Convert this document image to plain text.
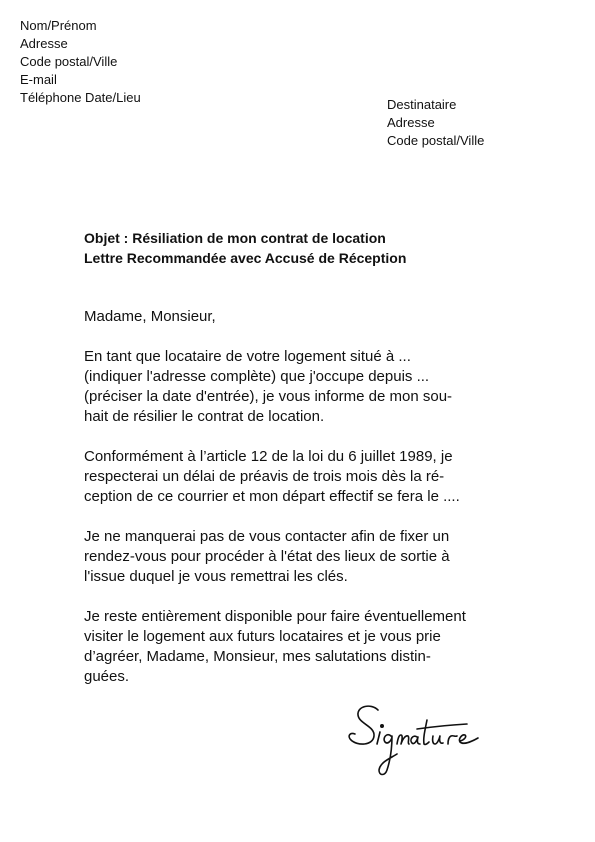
Nom/Prénom
Adresse
Code postal/Ville
E-mail
Téléphone Date/Lieu	Destinataire
Adresse
Code postal/Ville
Objet : Résiliation de mon contrat de location
Lettre Recommandée avec Accusé de Réception
Madame, Monsieur,

En tant que locataire de votre logement situé à ...
(indiquer l'adresse complète) que j'occupe depuis ...
(préciser la date d'entrée), je vous informe de mon sou-
hait de résilier le contrat de location.

Conformément à l’article 12 de la loi du 6 juillet 1989, je
respecterai un délai de préavis de trois mois dès la ré-
ception de ce courrier et mon départ effectif se fera le ....

Je ne manquerai pas de vous contacter afin de fixer un
rendez-vous pour procéder à l'état des lieux de sortie à
l'issue duquel je vous remettrai les clés.

Je reste entièrement disponible pour faire éventuellement
visiter le logement aux futurs locataires et je vous prie
d’agréer, Madame, Monsieur, mes salutations distin-
guées.
